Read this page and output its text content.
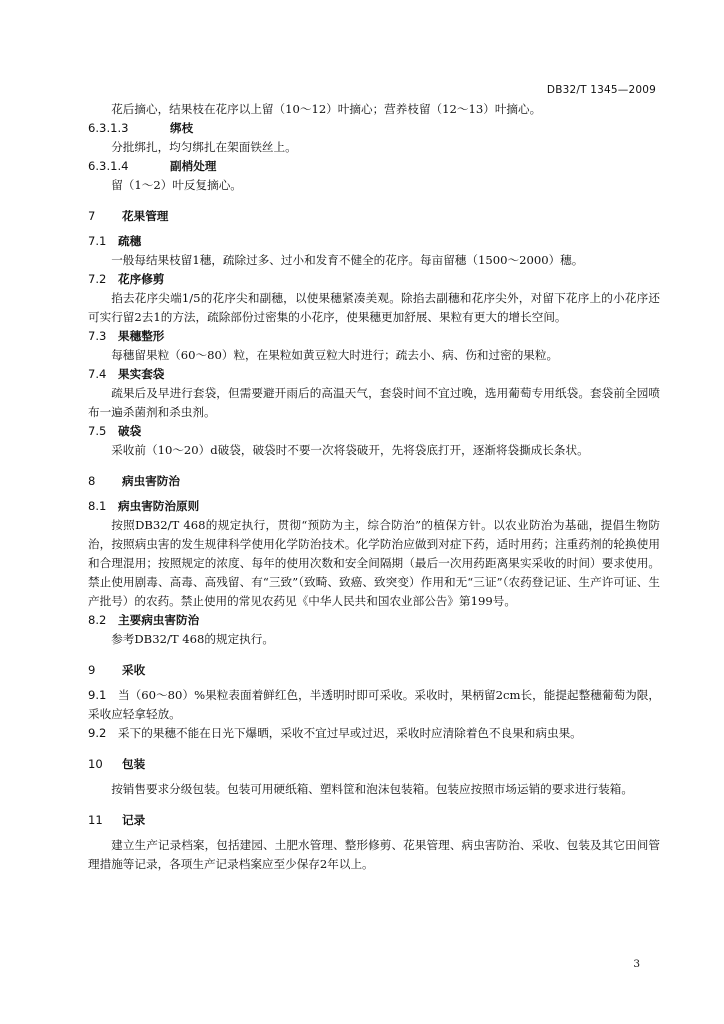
DB32/T 1345—2009

花后摘心，结果枝在花序以上留（10～12）叶摘心；营养枝留（12～13）叶摘心。

6.3.1.3	绑枝

分批绑扎，均匀绑扎在架面铁丝上。

6.3.1.4	副梢处理

留（1～2）叶反复摘心。

7 花果管理
7.1 疏穗

一般每结果枝留1穗，疏除过多、过小和发育不健全的花序。每亩留穗（1500～2000）穗。

7.2 花序修剪

掐去花序尖端1/5的花序尖和副穗，以使果穗紧凑美观。除掐去副穗和花序尖外，对留下花序上的小花序还可实行留2去1的方法，疏除部份过密集的小花序，使果穗更加舒展、果粒有更大的增长空间。

7.3 果穗整形

每穗留果粒（60～80）粒，在果粒如黄豆粒大时进行；疏去小、病、伤和过密的果粒。

7.4 果实套袋

疏果后及早进行套袋，但需要避开雨后的高温天气，套袋时间不宜过晚，选用葡萄专用纸袋。套袋前全园喷布一遍杀菌剂和杀虫剂。

7.5 破袋

采收前（10～20）d破袋，破袋时不要一次将袋破开，先将袋底打开，逐渐将袋撕成长条状。

8 病虫害防治
8.1 病虫害防治原则

按照DB32/T 468的规定执行，贯彻“预防为主，综合防治”的植保方针。以农业防治为基础，提倡生物防治，按照病虫害的发生规律科学使用化学防治技术。化学防治应做到对症下药，适时用药；注重药剂的轮换使用和合理混用；按照规定的浓度、每年的使用次数和安全间隔期（最后一次用药距离果实采收的时间）要求使用。禁止使用剧毒、高毒、高残留、有“三致”（致畸、致癌、致突变）作用和无“三证”（农药登记证、生产许可证、生产批号）的农药。禁止使用的常见农药见《中华人民共和国农业部公告》第199号。

8.2 主要病虫害防治

参考DB32/T 468的规定执行。

9 采收

9.1 当（60～80）%果粒表面着鲜红色，半透明时即可采收。采收时，果柄留2cm长，能提起整穗葡萄为限，采收应轻拿轻放。

9.2 采下的果穗不能在日光下爆晒，采收不宜过早或过迟，采收时应清除着色不良果和病虫果。

10 包装

按销售要求分级包装。包装可用硬纸箱、塑料筐和泡沫包装箱。包装应按照市场运销的要求进行装箱。

11 记录

建立生产记录档案，包括建园、土肥水管理、整形修剪、花果管理、病虫害防治、采收、包装及其它田间管理措施等记录，各项生产记录档案应至少保存2年以上。

3
